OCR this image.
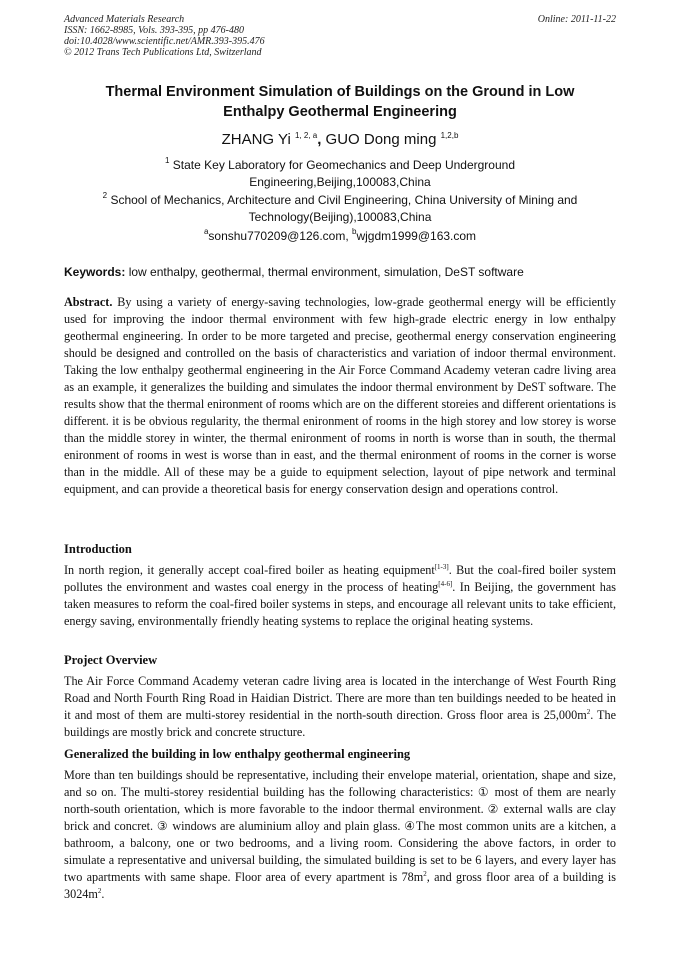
Advanced Materials Research
ISSN: 1662-8985, Vols. 393-395, pp 476-480
doi:10.4028/www.scientific.net/AMR.393-395.476
© 2012 Trans Tech Publications Ltd, Switzerland
Online: 2011-11-22
Thermal Environment Simulation of Buildings on the Ground in Low
Enthalpy Geothermal Engineering
ZHANG Yi $^{1, 2, a}$, GUO Dong ming $^{1,2,b}$
$^1$ State Key Laboratory for Geomechanics and Deep Underground
Engineering,Beijing,100083,China
$^2$ School of Mechanics, Architecture and Civil Engineering, China University of Mining and
Technology(Beijing),100083,China
$^a$sonshu770209@126.com, $^b$wjgdm1999@163.com
Keywords: low enthalpy, geothermal, thermal environment, simulation, DeST software
Abstract. By using a variety of energy-saving technologies, low-grade geothermal energy will be efficiently used for improving the indoor thermal environment with few high-grade electric energy in low enthalpy geothermal engineering. In order to be more targeted and precise, geothermal energy conservation engineering should be designed and controlled on the basis of characteristics and variation of indoor thermal environment. Taking the low enthalpy geothermal engineering in the Air Force Command Academy veteran cadre living area as an example, it generalizes the building and simulates the indoor thermal environment by DeST software. The results show that the thermal enironment of rooms which are on the different storeies and different orientations is different. it is be obvious regularity, the thermal enironment of rooms in the high storey and low storey is worse than the middle storey in winter, the thermal enironment of rooms in north is worse than in south, the thermal enironment of rooms in west is worse than in east, and the thermal enironment of rooms in the corner is worse than in the middle. All of these may be a guide to equipment selection, layout of pipe network and terminal equipment, and can provide a theoretical basis for energy conservation design and operations control.
Introduction
In north region, it generally accept coal-fired boiler as heating equipment[1-3]. But the coal-fired boiler system pollutes the environment and wastes coal energy in the process of heating[4-6]. In Beijing, the government has taken measures to reform the coal-fired boiler systems in steps, and encourage all relevant units to take efficient, energy saving, environmentally friendly heating systems to replace the original heating systems.
Project Overview
The Air Force Command Academy veteran cadre living area is located in the interchange of West Fourth Ring Road and North Fourth Ring Road in Haidian District. There are more than ten buildings needed to be heated in it and most of them are multi-storey residential in the north-south direction. Gross floor area is $25,000m^2$. The buildings are mostly brick and concrete structure.
Generalized the building in low enthalpy geothermal engineering
More than ten buildings should be representative, including their envelope material, orientation, shape and size, and so on. The multi-storey residential building has the following characteristics: ① most of them are nearly north-south orientation, which is more favorable to the indoor thermal environment. ② external walls are clay brick and concret. ③ windows are aluminium alloy and plain glass. ④The most common units are a kitchen, a bathroom, a balcony, one or two bedrooms, and a living room. Considering the above factors, in order to simulate a representative and universal building, the simulated building is set to be 6 layers, and every layer has two apartments with same shape. Floor area of every apartment is $78m^2$, and gross floor area of a building is $3024m^2$.
